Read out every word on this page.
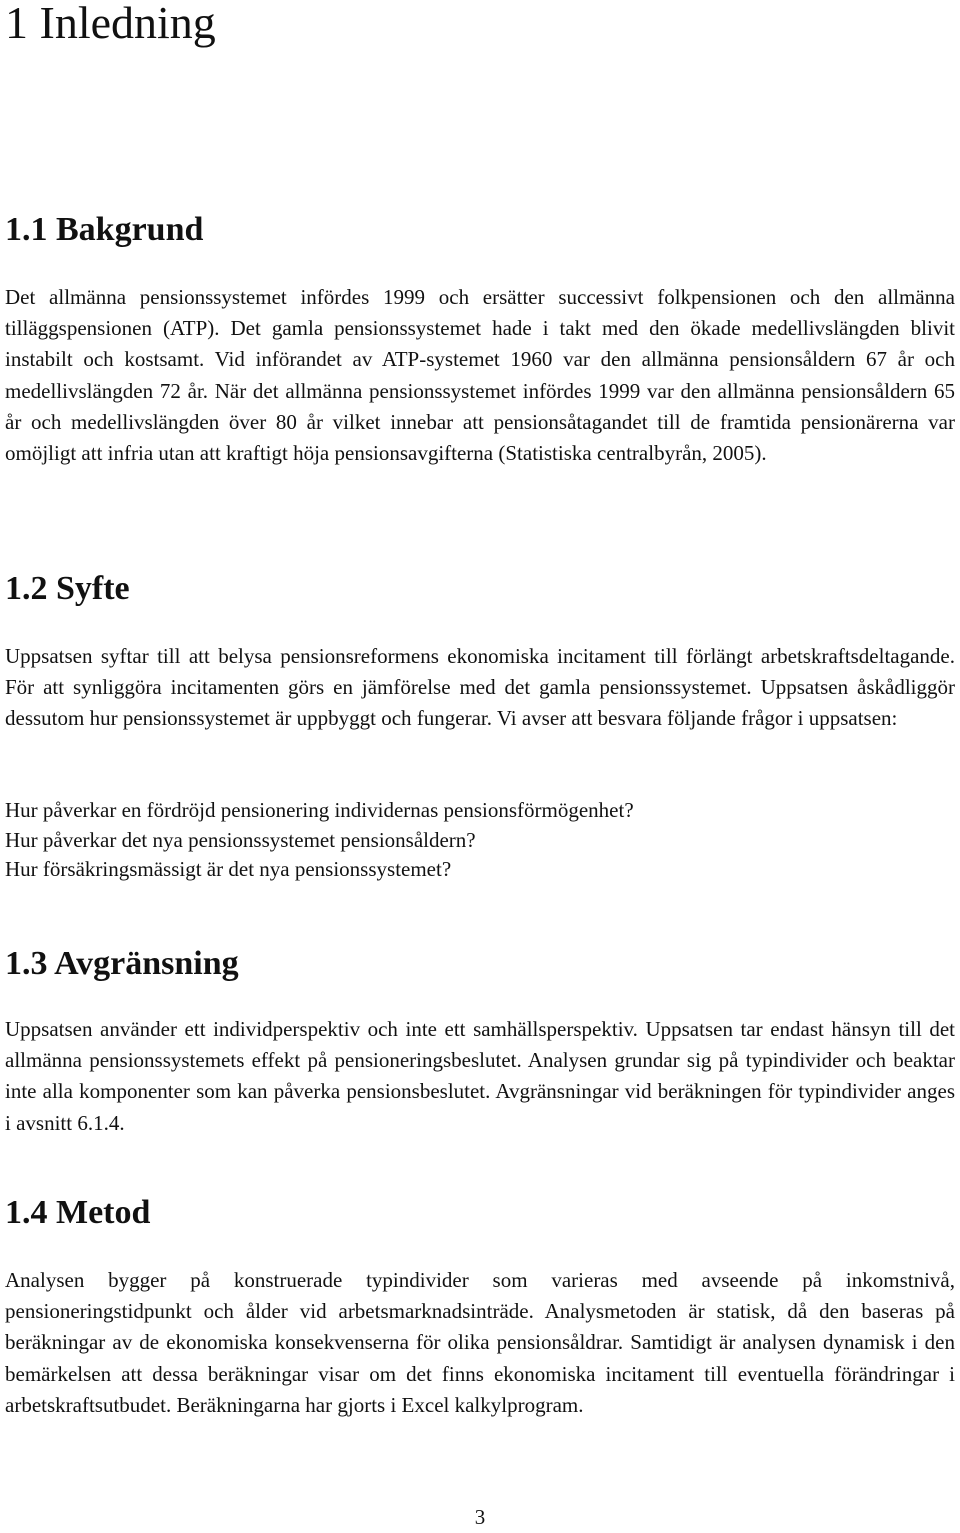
1 Inledning
1.1 Bakgrund

Det allmänna pensionssystemet infördes 1999 och ersätter successivt folkpensionen och den allmänna tilläggspensionen (ATP). Det gamla pensionssystemet hade i takt med den ökade medellivslängden blivit instabilt och kostsamt. Vid införandet av ATP-systemet 1960 var den allmänna pensionsåldern 67 år och medellivslängden 72 år. När det allmänna pensionssystemet infördes 1999 var den allmänna pensionsåldern 65 år och medellivslängden över 80 år vilket innebar att pensionsåtagandet till de framtida pensionärerna var omöjligt att infria utan att kraftigt höja pensionsavgifterna (Statistiska centralbyrån, 2005).

1.2 Syfte

Uppsatsen syftar till att belysa pensionsreformens ekonomiska incitament till förlängt arbetskraftsdeltagande. För att synliggöra incitamenten görs en jämförelse med det gamla pensionssystemet. Uppsatsen åskådliggör dessutom hur pensionssystemet är uppbyggt och fungerar. Vi avser att besvara följande frågor i uppsatsen:

Hur påverkar en fördröjd pensionering individernas pensionsförmögenhet?
Hur påverkar det nya pensionssystemet pensionsåldern?
Hur försäkringsmässigt är det nya pensionssystemet?
1.3 Avgränsning

Uppsatsen använder ett individperspektiv och inte ett samhällsperspektiv. Uppsatsen tar endast hänsyn till det allmänna pensionssystemets effekt på pensioneringsbeslutet. Analysen grundar sig på typindivider och beaktar inte alla komponenter som kan påverka pensionsbeslutet. Avgränsningar vid beräkningen för typindivider anges i avsnitt 6.1.4.

1.4 Metod

Analysen bygger på konstruerade typindivider som varieras med avseende på inkomstnivå, pensioneringstidpunkt och ålder vid arbetsmarknadsinträde. Analysmetoden är statisk, då den baseras på beräkningar av de ekonomiska konsekvenserna för olika pensionsåldrar. Samtidigt är analysen dynamisk i den bemärkelsen att dessa beräkningar visar om det finns ekonomiska incitament till eventuella förändringar i arbetskraftsutbudet. Beräkningarna har gjorts i Excel kalkylprogram.

3
